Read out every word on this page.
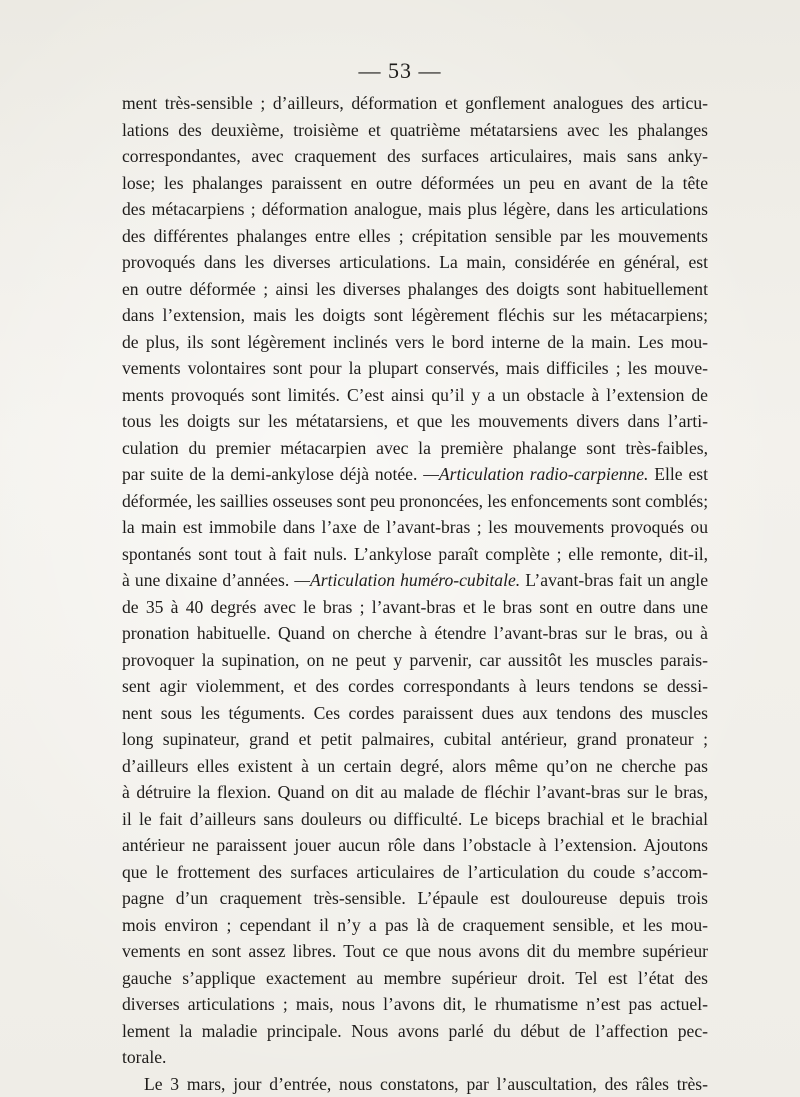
— 53 —
ment très-sensible ; d’ailleurs, déformation et gonflement analogues des articu-
lations des deuxième, troisième et quatrième métatarsiens avec les phalanges
correspondantes, avec craquement des surfaces articulaires, mais sans anky-
lose; les phalanges paraissent en outre déformées un peu en avant de la tête
des métacarpiens ; déformation analogue, mais plus légère, dans les articulations
des différentes phalanges entre elles ; crépitation sensible par les mouvements
provoqués dans les diverses articulations. La main, considérée en général, est
en outre déformée ; ainsi les diverses phalanges des doigts sont habituellement
dans l’extension, mais les doigts sont légèrement fléchis sur les métacarpiens;
de plus, ils sont légèrement inclinés vers le bord interne de la main. Les mou-
vements volontaires sont pour la plupart conservés, mais difficiles ; les mouve-
ments provoqués sont limités. C’est ainsi qu’il y a un obstacle à l’extension de
tous les doigts sur les métatarsiens, et que les mouvements divers dans l’arti-
culation du premier métacarpien avec la première phalange sont très-faibles,
par suite de la demi-ankylose déjà notée. —Articulation radio-carpienne. Elle est
déformée, les saillies osseuses sont peu prononcées, les enfoncements sont comblés;
la main est immobile dans l’axe de l’avant-bras ; les mouvements provoqués ou
spontanés sont tout à fait nuls. L’ankylose paraît complète ; elle remonte, dit-il,
à une dixaine d’années. —Articulation huméro-cubitale. L’avant-bras fait un angle
de 35 à 40 degrés avec le bras ; l’avant-bras et le bras sont en outre dans une
pronation habituelle. Quand on cherche à étendre l’avant-bras sur le bras, ou à
provoquer la supination, on ne peut y parvenir, car aussitôt les muscles parais-
sent agir violemment, et des cordes correspondants à leurs tendons se dessi-
nent sous les téguments. Ces cordes paraissent dues aux tendons des muscles
long supinateur, grand et petit palmaires, cubital antérieur, grand pronateur ;
d’ailleurs elles existent à un certain degré, alors même qu’on ne cherche pas
à détruire la flexion. Quand on dit au malade de fléchir l’avant-bras sur le bras,
il le fait d’ailleurs sans douleurs ou difficulté. Le biceps brachial et le brachial
antérieur ne paraissent jouer aucun rôle dans l’obstacle à l’extension. Ajoutons
que le frottement des surfaces articulaires de l’articulation du coude s’accom-
pagne d’un craquement très-sensible. L’épaule est douloureuse depuis trois
mois environ ; cependant il n’y a pas là de craquement sensible, et les mou-
vements en sont assez libres. Tout ce que nous avons dit du membre supérieur
gauche s’applique exactement au membre supérieur droit. Tel est l’état des
diverses articulations ; mais, nous l’avons dit, le rhumatisme n’est pas actuel-
lement la maladie principale. Nous avons parlé du début de l’affection pec-
torale.
Le 3 mars, jour d’entrée, nous constatons, par l’auscultation, des râles très-
